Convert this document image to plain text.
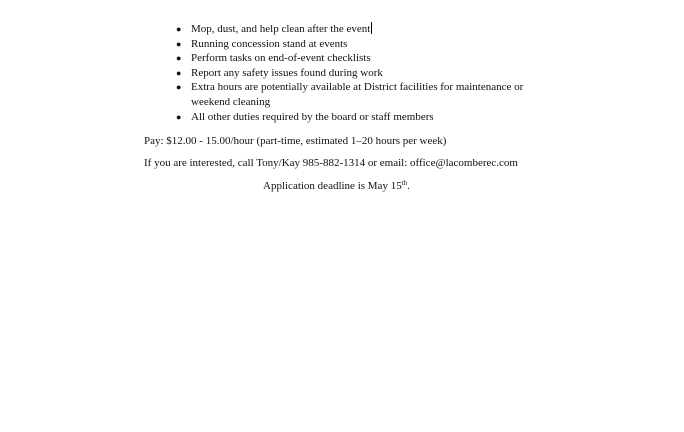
● Mop, dust, and help clean after the event
● Running concession stand at events
● Perform tasks on end-of-event checklists
● Report any safety issues found during work
● Extra hours are potentially available at District facilities for maintenance or weekend cleaning
● All other duties required by the board or staff members
Pay: $12.00 - 15.00/hour (part-time, estimated 1–20 hours per week)
If you are interested, call Tony/Kay 985-882-1314 or email: office@lacomberec.com
Application deadline is May 15th.
